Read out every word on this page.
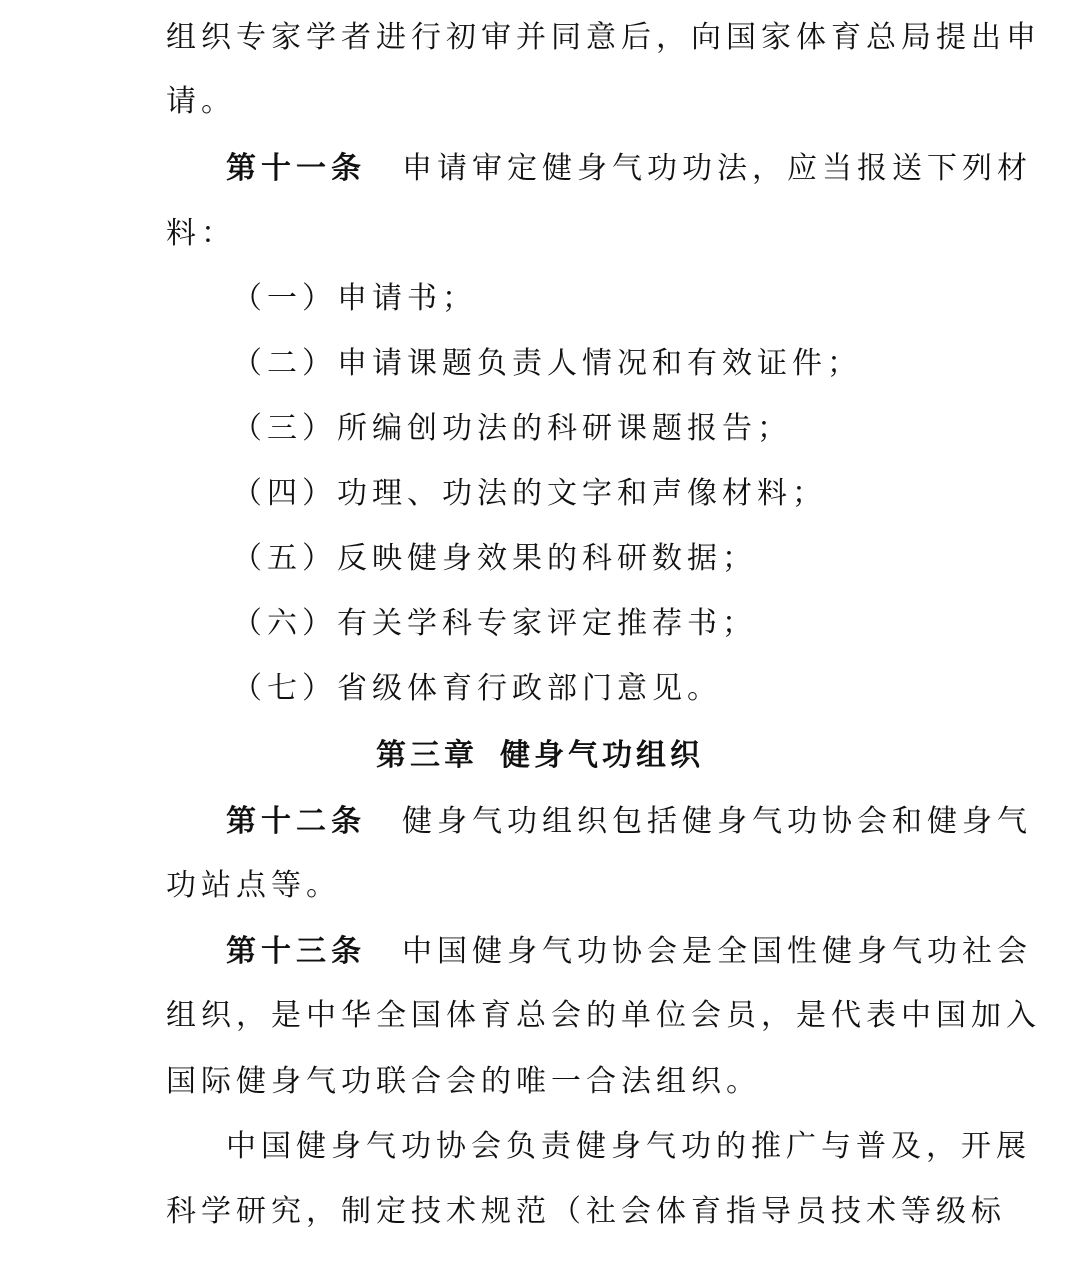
组织专家学者进行初审并同意后，向国家体育总局提出申
请。
第十一条 申请审定健身气功功法，应当报送下列材
料：
（一）申请书；
（二）申请课题负责人情况和有效证件；
（三）所编创功法的科研课题报告；
（四）功理、功法的文字和声像材料；
（五）反映健身效果的科研数据；
（六）有关学科专家评定推荐书；
（七）省级体育行政部门意见。
第三章 健身气功组织
第十二条 健身气功组织包括健身气功协会和健身气
功站点等。
第十三条 中国健身气功协会是全国性健身气功社会
组织，是中华全国体育总会的单位会员，是代表中国加入
国际健身气功联合会的唯一合法组织。
中国健身气功协会负责健身气功的推广与普及，开展
科学研究，制定技术规范（社会体育指导员技术等级标
